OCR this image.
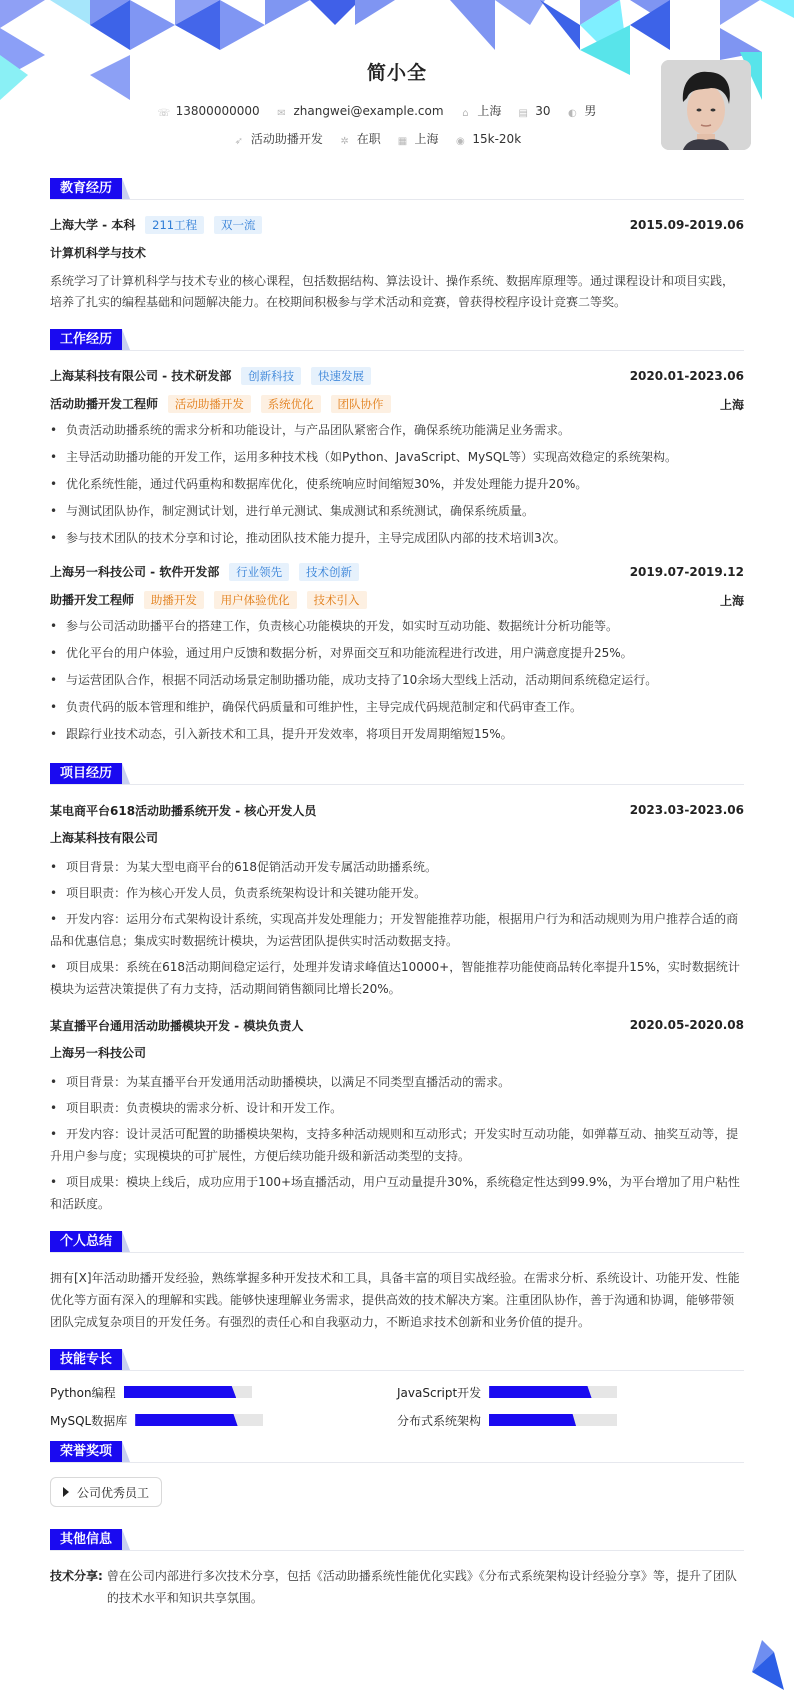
简小全
☏ 13800000000 ✉ zhangwei@example.com ⌂ 上海 ▤ 30 ◐ 男
➶ 活动助播开发 ✲ 在职 ▦ 上海 ◉ 15k-20k
教育经历
上海大学 - 本科 211工程 双一流	2015.09-2019.06
计算机科学与技术
系统学习了计算机科学与技术专业的核心课程，包括数据结构、算法设计、操作系统、数据库原理等。通过课程设计和项目实践，培养了扎实的编程基础和问题解决能力。在校期间积极参与学术活动和竞赛，曾获得校程序设计竞赛二等奖。
工作经历
上海某科技有限公司 - 技术研发部 创新科技 快速发展	2020.01-2023.06
活动助播开发工程师 活动助播开发 系统优化 团队协作	上海
• 负责活动助播系统的需求分析和功能设计，与产品团队紧密合作，确保系统功能满足业务需求。
• 主导活动助播功能的开发工作，运用多种技术栈（如Python、JavaScript、MySQL等）实现高效稳定的系统架构。
• 优化系统性能，通过代码重构和数据库优化，使系统响应时间缩短30%，并发处理能力提升20%。
• 与测试团队协作，制定测试计划，进行单元测试、集成测试和系统测试，确保系统质量。
• 参与技术团队的技术分享和讨论，推动团队技术能力提升，主导完成团队内部的技术培训3次。
上海另一科技公司 - 软件开发部 行业领先 技术创新	2019.07-2019.12
助播开发工程师 助播开发 用户体验优化 技术引入	上海
• 参与公司活动助播平台的搭建工作，负责核心功能模块的开发，如实时互动功能、数据统计分析功能等。
• 优化平台的用户体验，通过用户反馈和数据分析，对界面交互和功能流程进行改进，用户满意度提升25%。
• 与运营团队合作，根据不同活动场景定制助播功能，成功支持了10余场大型线上活动，活动期间系统稳定运行。
• 负责代码的版本管理和维护，确保代码质量和可维护性，主导完成代码规范制定和代码审查工作。
• 跟踪行业技术动态，引入新技术和工具，提升开发效率，将项目开发周期缩短15%。
项目经历
某电商平台618活动助播系统开发 - 核心开发人员	2023.03-2023.06
上海某科技有限公司
• 项目背景：为某大型电商平台的618促销活动开发专属活动助播系统。
• 项目职责：作为核心开发人员，负责系统架构设计和关键功能开发。
• 开发内容：运用分布式架构设计系统，实现高并发处理能力；开发智能推荐功能，根据用户行为和活动规则为用户推荐合适的商品和优惠信息；集成实时数据统计模块，为运营团队提供实时活动数据支持。
• 项目成果：系统在618活动期间稳定运行，处理并发请求峰值达10000+，智能推荐功能使商品转化率提升15%，实时数据统计模块为运营决策提供了有力支持，活动期间销售额同比增长20%。
某直播平台通用活动助播模块开发 - 模块负责人	2020.05-2020.08
上海另一科技公司
• 项目背景：为某直播平台开发通用活动助播模块，以满足不同类型直播活动的需求。
• 项目职责：负责模块的需求分析、设计和开发工作。
• 开发内容：设计灵活可配置的助播模块架构，支持多种活动规则和互动形式；开发实时互动功能，如弹幕互动、抽奖互动等，提升用户参与度；实现模块的可扩展性，方便后续功能升级和新活动类型的支持。
• 项目成果：模块上线后，成功应用于100+场直播活动，用户互动量提升30%，系统稳定性达到99.9%，为平台增加了用户粘性和活跃度。
个人总结
拥有[X]年活动助播开发经验，熟练掌握多种开发技术和工具，具备丰富的项目实战经验。在需求分析、系统设计、功能开发、性能优化等方面有深入的理解和实践。能够快速理解业务需求，提供高效的技术解决方案。注重团队协作，善于沟通和协调，能够带领团队完成复杂项目的开发任务。有强烈的责任心和自我驱动力，不断追求技术创新和业务价值的提升。
技能专长
Python编程	JavaScript开发
MySQL数据库	分布式系统架构
荣誉奖项
公司优秀员工
其他信息
技术分享: 曾在公司内部进行多次技术分享，包括《活动助播系统性能优化实践》《分布式系统架构设计经验分享》等，提升了团队的技术水平和知识共享氛围。
